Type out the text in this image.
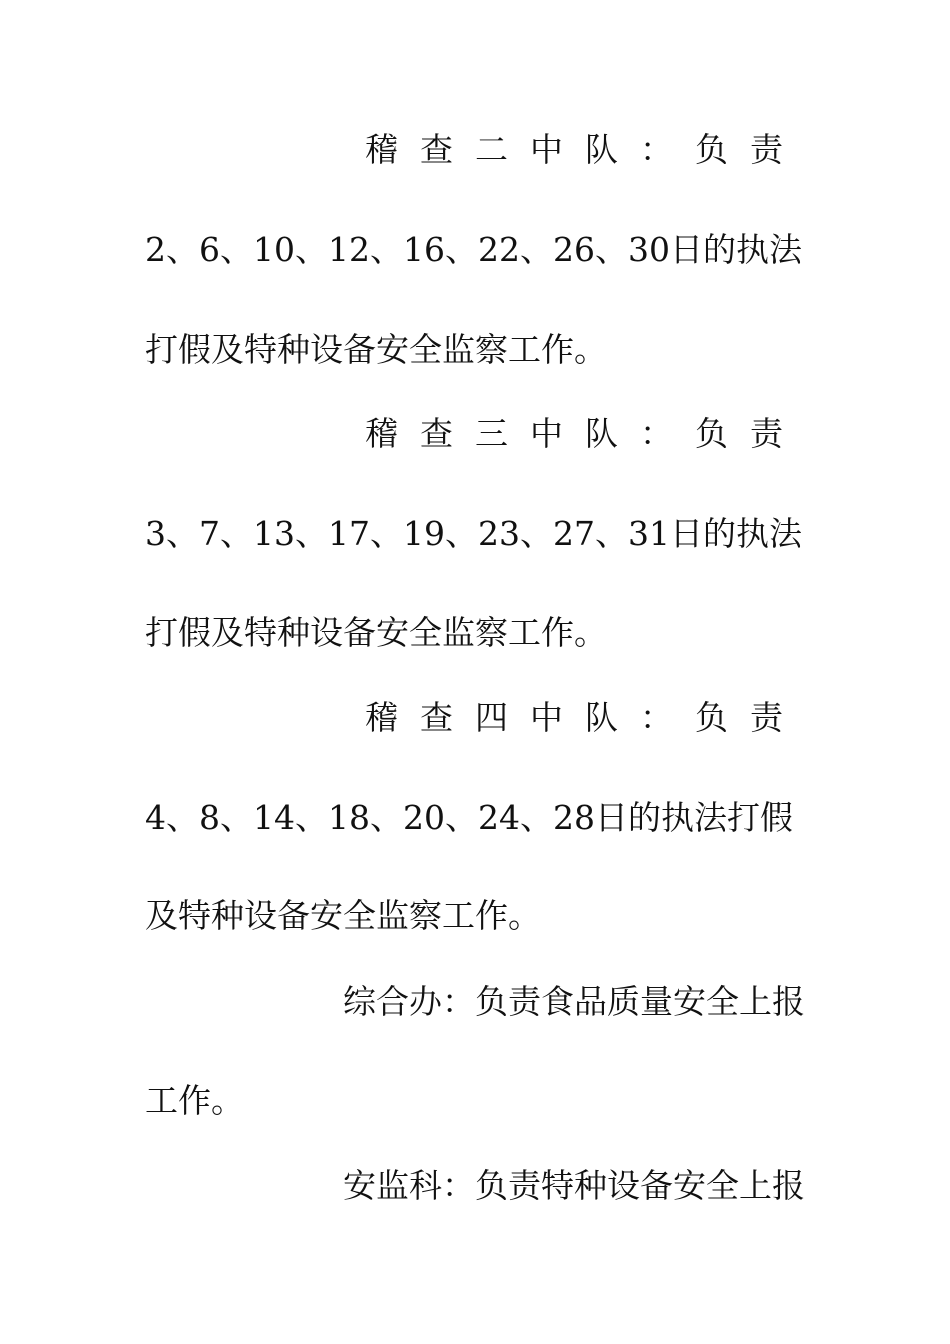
稽查二中队：负责
2、6、10、12、16、22、26、30日的执法
打假及特种设备安全监察工作。
稽查三中队：负责
3、7、13、17、19、23、27、31日的执法
打假及特种设备安全监察工作。
稽查四中队：负责
4、8、14、18、20、24、28日的执法打假
及特种设备安全监察工作。
综合办：负责食品质量安全上报
工作。
安监科：负责特种设备安全上报
